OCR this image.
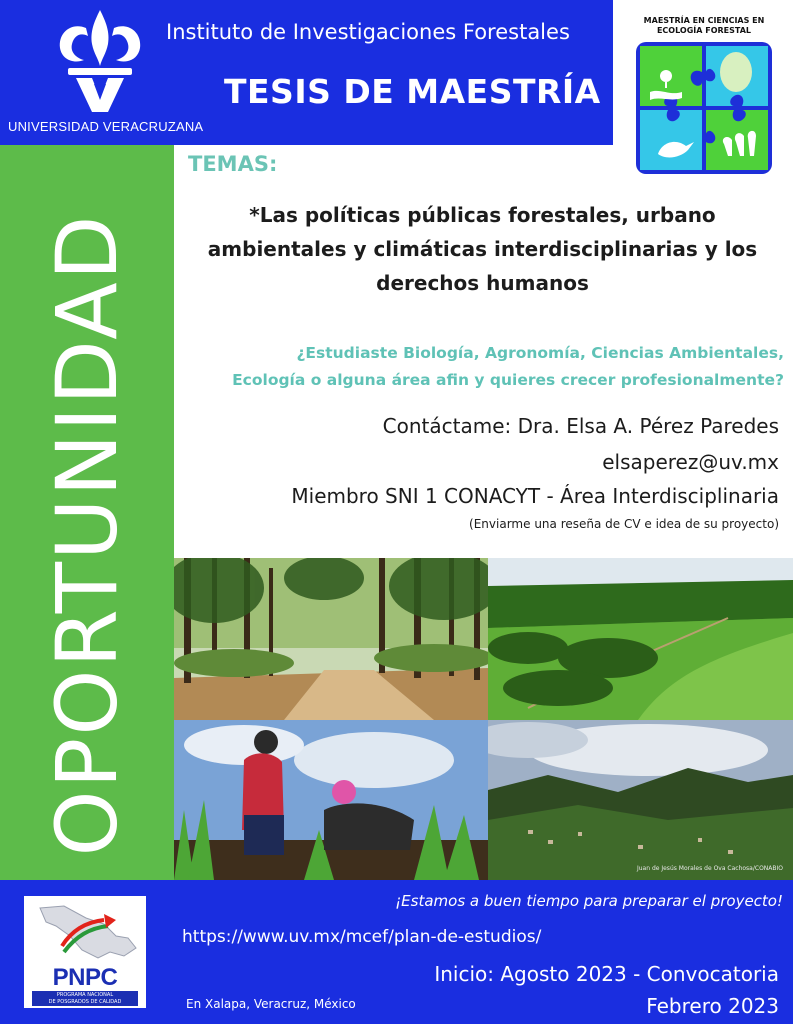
UNIVERSIDAD VERACRUZANA
Instituto de Investigaciones Forestales
TESIS DE MAESTRÍA
MAESTRÍA EN CIENCIAS EN
ECOLOGÍA FORESTAL
OPORTUNIDAD
TEMAS:
*Las políticas públicas forestales, urbano
ambientales y climáticas interdisciplinarias y los
derechos humanos
¿Estudiaste Biología, Agronomía, Ciencias Ambientales,
Ecología o alguna área afin y quieres crecer profesionalmente?
Contáctame: Dra. Elsa A. Pérez Paredes
elsaperez@uv.mx
Miembro SNI 1 CONACYT - Área Interdisciplinaria
(Enviarme una reseña de CV e idea de su proyecto)
Juan de Jesús Morales de Ova Cachosa/CONABIO
PNPC
PROGRAMA NACIONAL
DE POSGRADOS DE CALIDAD
¡Estamos a buen tiempo para preparar el proyecto!
https://www.uv.mx/mcef/plan-de-estudios/
Inicio: Agosto 2023 - Convocatoria
En Xalapa, Veracruz, México	Febrero 2023
